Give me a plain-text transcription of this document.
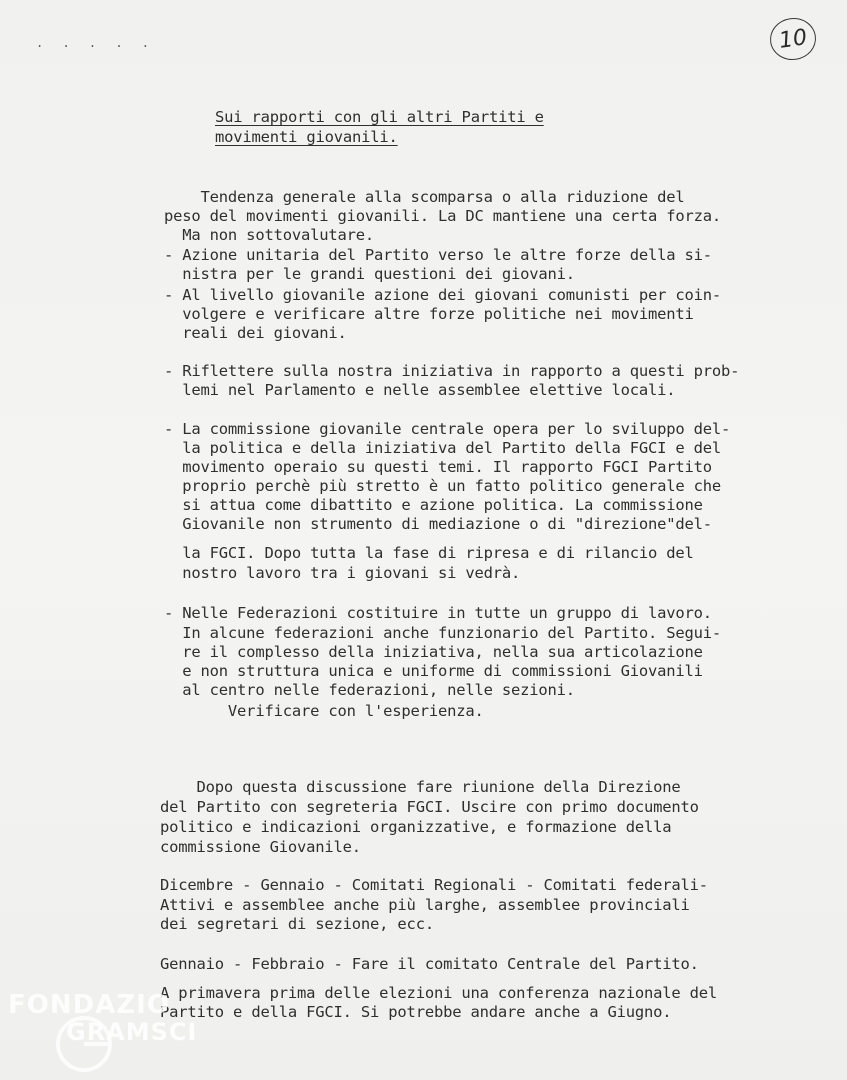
. . . . .	10
Sui rapporti con gli altri Partiti e
movimenti giovanili.
Tendenza generale alla scomparsa o alla riduzione del
peso del movimenti giovanili. La DC mantiene una certa forza.
Ma non sottovalutare.
- Azione unitaria del Partito verso le altre forze della si-
nistra per le grandi questioni dei giovani.
- Al livello giovanile azione dei giovani comunisti per coin-
volgere e verificare altre forze politiche nei movimenti
reali dei giovani.
- Riflettere sulla nostra iniziativa in rapporto a questi prob-
lemi nel Parlamento e nelle assemblee elettive locali.
- La commissione giovanile centrale opera per lo sviluppo del-
la politica e della iniziativa del Partito della FGCI e del
movimento operaio su questi temi. Il rapporto FGCI Partito
proprio perchè più stretto è un fatto politico generale che
si attua come dibattito e azione politica. La commissione
Giovanile non strumento di mediazione o di "direzione"del-
la FGCI. Dopo tutta la fase di ripresa e di rilancio del
nostro lavoro tra i giovani si vedrà.
- Nelle Federazioni costituire in tutte un gruppo di lavoro.
In alcune federazioni anche funzionario del Partito. Segui-
re il complesso della iniziativa, nella sua articolazione
e non struttura unica e uniforme di commissioni Giovanili
al centro nelle federazioni, nelle sezioni.
Verificare con l'esperienza.
Dopo questa discussione fare riunione della Direzione
del Partito con segreteria FGCI. Uscire con primo documento
politico e indicazioni organizzative, e formazione della
commissione Giovanile.
Dicembre - Gennaio - Comitati Regionali - Comitati federali-
Attivi e assemblee anche più larghe, assemblee provinciali
dei segretari di sezione, ecc.
Gennaio - Febbraio - Fare il comitato Centrale del Partito.
A primavera prima delle elezioni una conferenza nazionale del
Partito e della FGCI. Si potrebbe andare anche a Giugno.
FONDAZIO
GRAMSCI
